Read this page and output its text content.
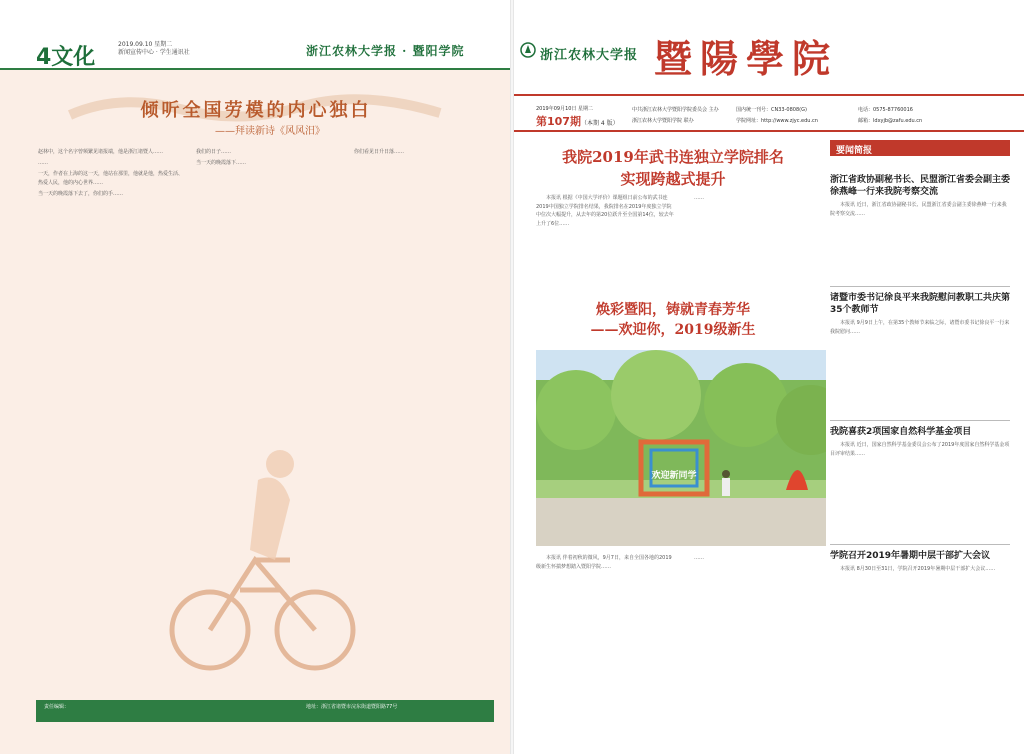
4文化
2019.09.10 星期二
新闻宣传中心 · 学生通讯社	浙江农林大学报 · 暨阳学院
倾听全国劳模的内心独白
——拜读新诗《风风汨》

赵林中，这个名字曾频繁见诸报端，他是浙江诸暨人……

……

一天，作者在上海的这一天，他站在那里，他就是他，热爱生活、热爱人民，他的内心世界……

当一天的晚霞落下去了，你们的手……

我们的日子……

当一天的晚霞落下……

你们看见日升日落……

责任编辑：	地址：浙江省诸暨市浣东街道暨阳路77号
浙江农林大学报 暨陽學院
2019年09月10日 星期二
第107期（本期 4 版）
中共浙江农林大学暨阳学院委员会 主办
浙江农林大学暨阳学院 联办
国内统一刊号：CN33-0808(G)
学院网址：http://www.zjyc.edu.cn
电话：0575-87760016
邮箱：ldxyjb@zafu.edu.cn
我院2019年武书连独立学院排名
实现跨越式提升

本报讯 根据《中国大学评价》课题组日前公布的武书连2019中国独立学院排名结果，我院排名在2019年度独立学院中位次大幅提升，从去年的第20位跃升至全国第14位，较去年上升了6位……

……

焕彩暨阳，铸就青春芳华
——欢迎你，2019级新生
欢迎新同学

本报讯 伴着初秋的微风，9月7日，来自全国各地的2019级新生怀揣梦想踏入暨阳学院……

……

要闻简报
浙江省政协副秘书长、民盟浙江省委会副主委徐燕峰一行来我院考察交流

本报讯 近日，浙江省政协副秘书长、民盟浙江省委会副主委徐燕峰一行来我院考察交流……

诸暨市委书记徐良平来我院慰问教职工共庆第35个教师节

本报讯 9月9日上午，在第35个教师节来临之际，诸暨市委书记徐良平一行来我院慰问……

我院喜获2项国家自然科学基金项目

本报讯 近日，国家自然科学基金委员会公布了2019年度国家自然科学基金项目评审结果……

学院召开2019年暑期中层干部扩大会议

本报讯 8月30日至31日，学院召开2019年暑期中层干部扩大会议……
